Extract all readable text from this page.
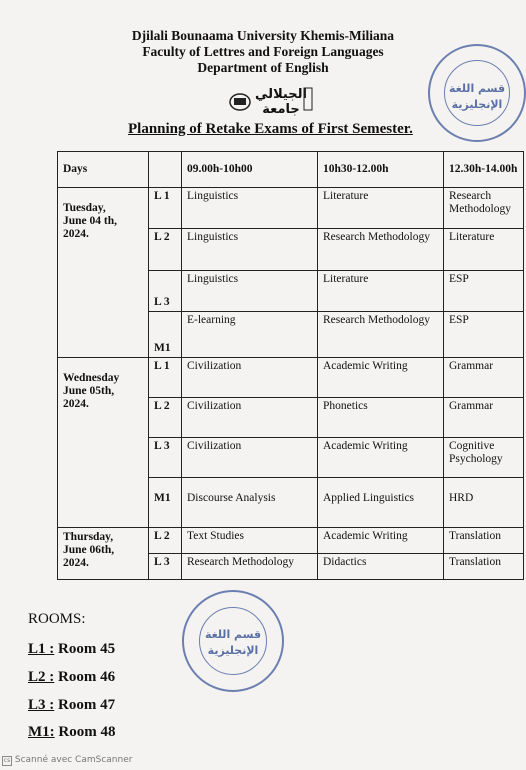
Djilali Bounaama University Khemis-Miliana
Faculty of Lettres and Foreign Languages
Department of English
الجيلالي
جامعة
قسم اللغة
الإنجليزية
Planning of Retake Exams of First Semester.
Days		09.00h-10h00	10h30-12.00h	12.30h-14.00h

Tuesday,
June 04 th,
2024.	L 1	Linguistics	Literature	Research Methodology
	L 2	Linguistics	Research Methodology	Literature
	L 3	Linguistics	Literature	ESP
	M1	E-learning	Research Methodology	ESP

Wednesday
June 05th,
2024.	L 1	Civilization	Academic Writing	Grammar
	L 2	Civilization	Phonetics	Grammar
	L 3	Civilization	Academic Writing	Cognitive Psychology
	M1	Discourse Analysis	Applied Linguistics	HRD

Thursday,
June 06th,
2024.	L 2	Text Studies	Academic Writing	Translation
	L 3	Research Methodology	Didactics	Translation
قسم اللغة
الإنجليزية
ROOMS:
L1 : Room 45
L2 : Room 46
L3 : Room 47
M1: Room 48
cs Scanné avec CamScanner
